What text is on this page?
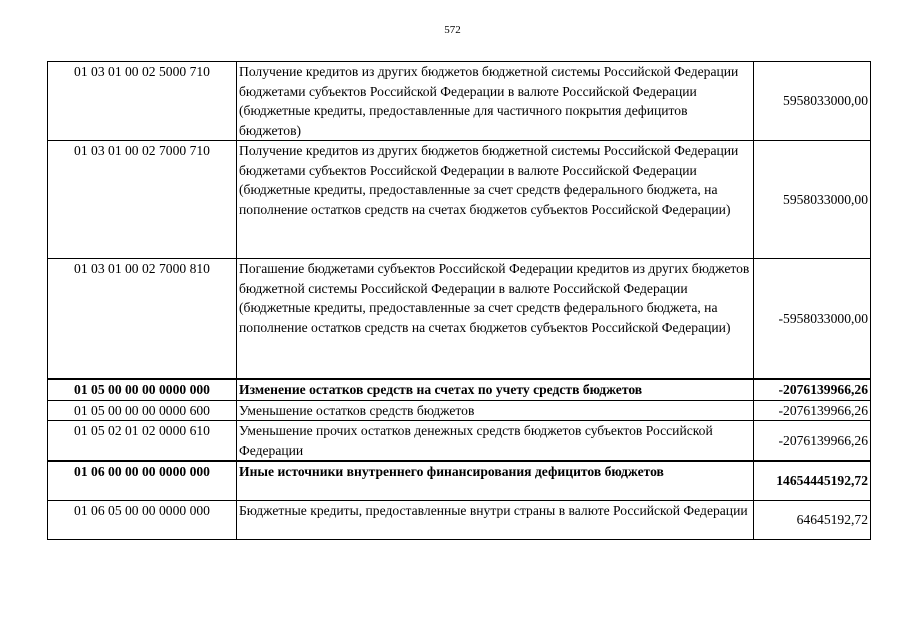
572
01 03 01 00 02 5000 710	Получение кредитов из других бюджетов бюджетной системы Российской Федерации бюджетами субъектов Российской Федерации в валюте Российской Федерации (бюджетные кредиты, предоставленные для частичного покрытия дефицитов бюджетов)	5958033000,00
01 03 01 00 02 7000 710	Получение кредитов из других бюджетов бюджетной системы Российской Федерации бюджетами субъектов Российской Федерации в валюте Российской Федерации (бюджетные кредиты, предоставленные за счет средств федерального бюджета, на пополнение остатков средств на счетах бюджетов субъектов Российской Федерации)	5958033000,00
01 03 01 00 02 7000 810	Погашение бюджетами субъектов Российской Федерации кредитов из других бюджетов бюджетной системы Российской Федерации в валюте Российской Федерации (бюджетные кредиты, предоставленные за счет средств федерального бюджета, на пополнение остатков средств на счетах бюджетов субъектов Российской Федерации)	-5958033000,00
01 05 00 00 00 0000 000	Изменение остатков средств на счетах по учету средств бюджетов	-2076139966,26
01 05 00 00 00 0000 600	Уменьшение остатков средств бюджетов	-2076139966,26
01 05 02 01 02 0000 610	Уменьшение прочих остатков денежных средств бюджетов субъектов Российской Федерации	-2076139966,26
01 06 00 00 00 0000 000	Иные источники внутреннего финансирования дефицитов бюджетов	14654445192,72
01 06 05 00 00 0000 000	Бюджетные кредиты, предоставленные внутри страны в валюте Российской Федерации	64645192,72
